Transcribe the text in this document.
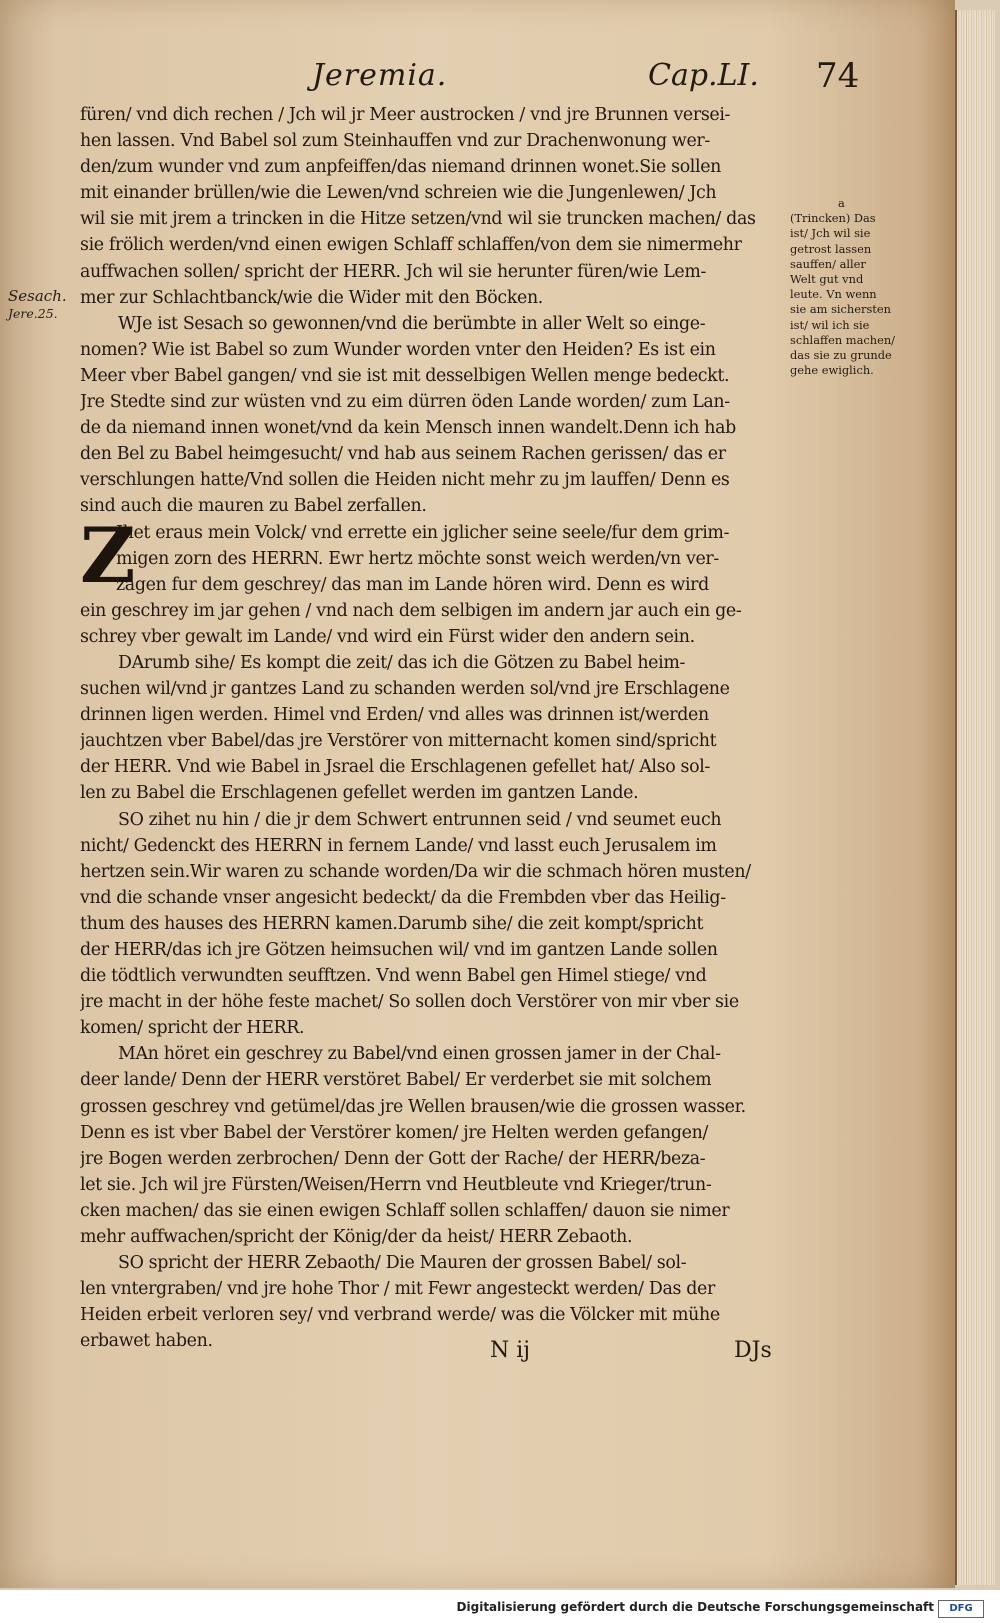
Jeremia.	Cap.LI. 74
Sesach.
Jere.25.
füren/ vnd dich rechen / Jch wil jr Meer austrocken / vnd jre Brunnen versei-
hen lassen. Vnd Babel sol zum Steinhauffen vnd zur Drachenwonung wer-
den/zum wunder vnd zum anpfeiffen/das niemand drinnen wonet.Sie sollen
mit einander brüllen/wie die Lewen/vnd schreien wie die Jungenlewen/ Jch
wil sie mit jrem a trincken in die Hitze setzen/vnd wil sie truncken machen/ das
sie frölich werden/vnd einen ewigen Schlaff schlaffen/von dem sie nimermehr
auffwachen sollen/ spricht der HERR. Jch wil sie herunter füren/wie Lem-
mer zur Schlachtbanck/wie die Wider mit den Böcken.
WJe ist Sesach so gewonnen/vnd die berümbte in aller Welt so einge-
nomen? Wie ist Babel so zum Wunder worden vnter den Heiden? Es ist ein
Meer vber Babel gangen/ vnd sie ist mit desselbigen Wellen menge bedeckt.
Jre Stedte sind zur wüsten vnd zu eim dürren öden Lande worden/ zum Lan-
de da niemand innen wonet/vnd da kein Mensch innen wandelt.Denn ich hab
den Bel zu Babel heimgesucht/ vnd hab aus seinem Rachen gerissen/ das er
verschlungen hatte/Vnd sollen die Heiden nicht mehr zu jm lauffen/ Denn es
sind auch die mauren zu Babel zerfallen.
Jhet eraus mein Volck/ vnd errette ein jglicher seine seele/fur dem grim-
migen zorn des HERRN. Ewr hertz möchte sonst weich werden/vn ver-
zagen fur dem geschrey/ das man im Lande hören wird. Denn es wird
ein geschrey im jar gehen / vnd nach dem selbigen im andern jar auch ein ge-
schrey vber gewalt im Lande/ vnd wird ein Fürst wider den andern sein.
DArumb sihe/ Es kompt die zeit/ das ich die Götzen zu Babel heim-
suchen wil/vnd jr gantzes Land zu schanden werden sol/vnd jre Erschlagene
drinnen ligen werden. Himel vnd Erden/ vnd alles was drinnen ist/werden
jauchtzen vber Babel/das jre Verstörer von mitternacht komen sind/spricht
der HERR. Vnd wie Babel in Jsrael die Erschlagenen gefellet hat/ Also sol-
len zu Babel die Erschlagenen gefellet werden im gantzen Lande.
SO zihet nu hin / die jr dem Schwert entrunnen seid / vnd seumet euch
nicht/ Gedenckt des HERRN in fernem Lande/ vnd lasst euch Jerusalem im
hertzen sein.Wir waren zu schande worden/Da wir die schmach hören musten/
vnd die schande vnser angesicht bedeckt/ da die Frembden vber das Heilig-
thum des hauses des HERRN kamen.Darumb sihe/ die zeit kompt/spricht
der HERR/das ich jre Götzen heimsuchen wil/ vnd im gantzen Lande sollen
die tödtlich verwundten seufftzen. Vnd wenn Babel gen Himel stiege/ vnd
jre macht in der höhe feste machet/ So sollen doch Verstörer von mir vber sie
komen/ spricht der HERR.
MAn höret ein geschrey zu Babel/vnd einen grossen jamer in der Chal-
deer lande/ Denn der HERR verstöret Babel/ Er verderbet sie mit solchem
grossen geschrey vnd getümel/das jre Wellen brausen/wie die grossen wasser.
Denn es ist vber Babel der Verstörer komen/ jre Helten werden gefangen/
jre Bogen werden zerbrochen/ Denn der Gott der Rache/ der HERR/beza-
let sie. Jch wil jre Fürsten/Weisen/Herrn vnd Heutbleute vnd Krieger/trun-
cken machen/ das sie einen ewigen Schlaff sollen schlaffen/ dauon sie nimer
mehr auffwachen/spricht der König/der da heist/ HERR Zebaoth.
SO spricht der HERR Zebaoth/ Die Mauren der grossen Babel/ sol-
len vntergraben/ vnd jre hohe Thor / mit Fewr angesteckt werden/ Das der
Heiden erbeit verloren sey/ vnd verbrand werde/ was die Völcker mit mühe
erbawet haben.
Z
a
(Trincken) Das
ist/ Jch wil sie
getrost lassen
sauffen/ aller
Welt gut vnd
leute. Vn wenn
sie am sichersten
ist/ wil ich sie
schlaffen machen/
das sie zu grunde
gehe ewiglich.
N ij	DJs
Digitalisierung gefördert durch die Deutsche Forschungsgemeinschaft	DFG
